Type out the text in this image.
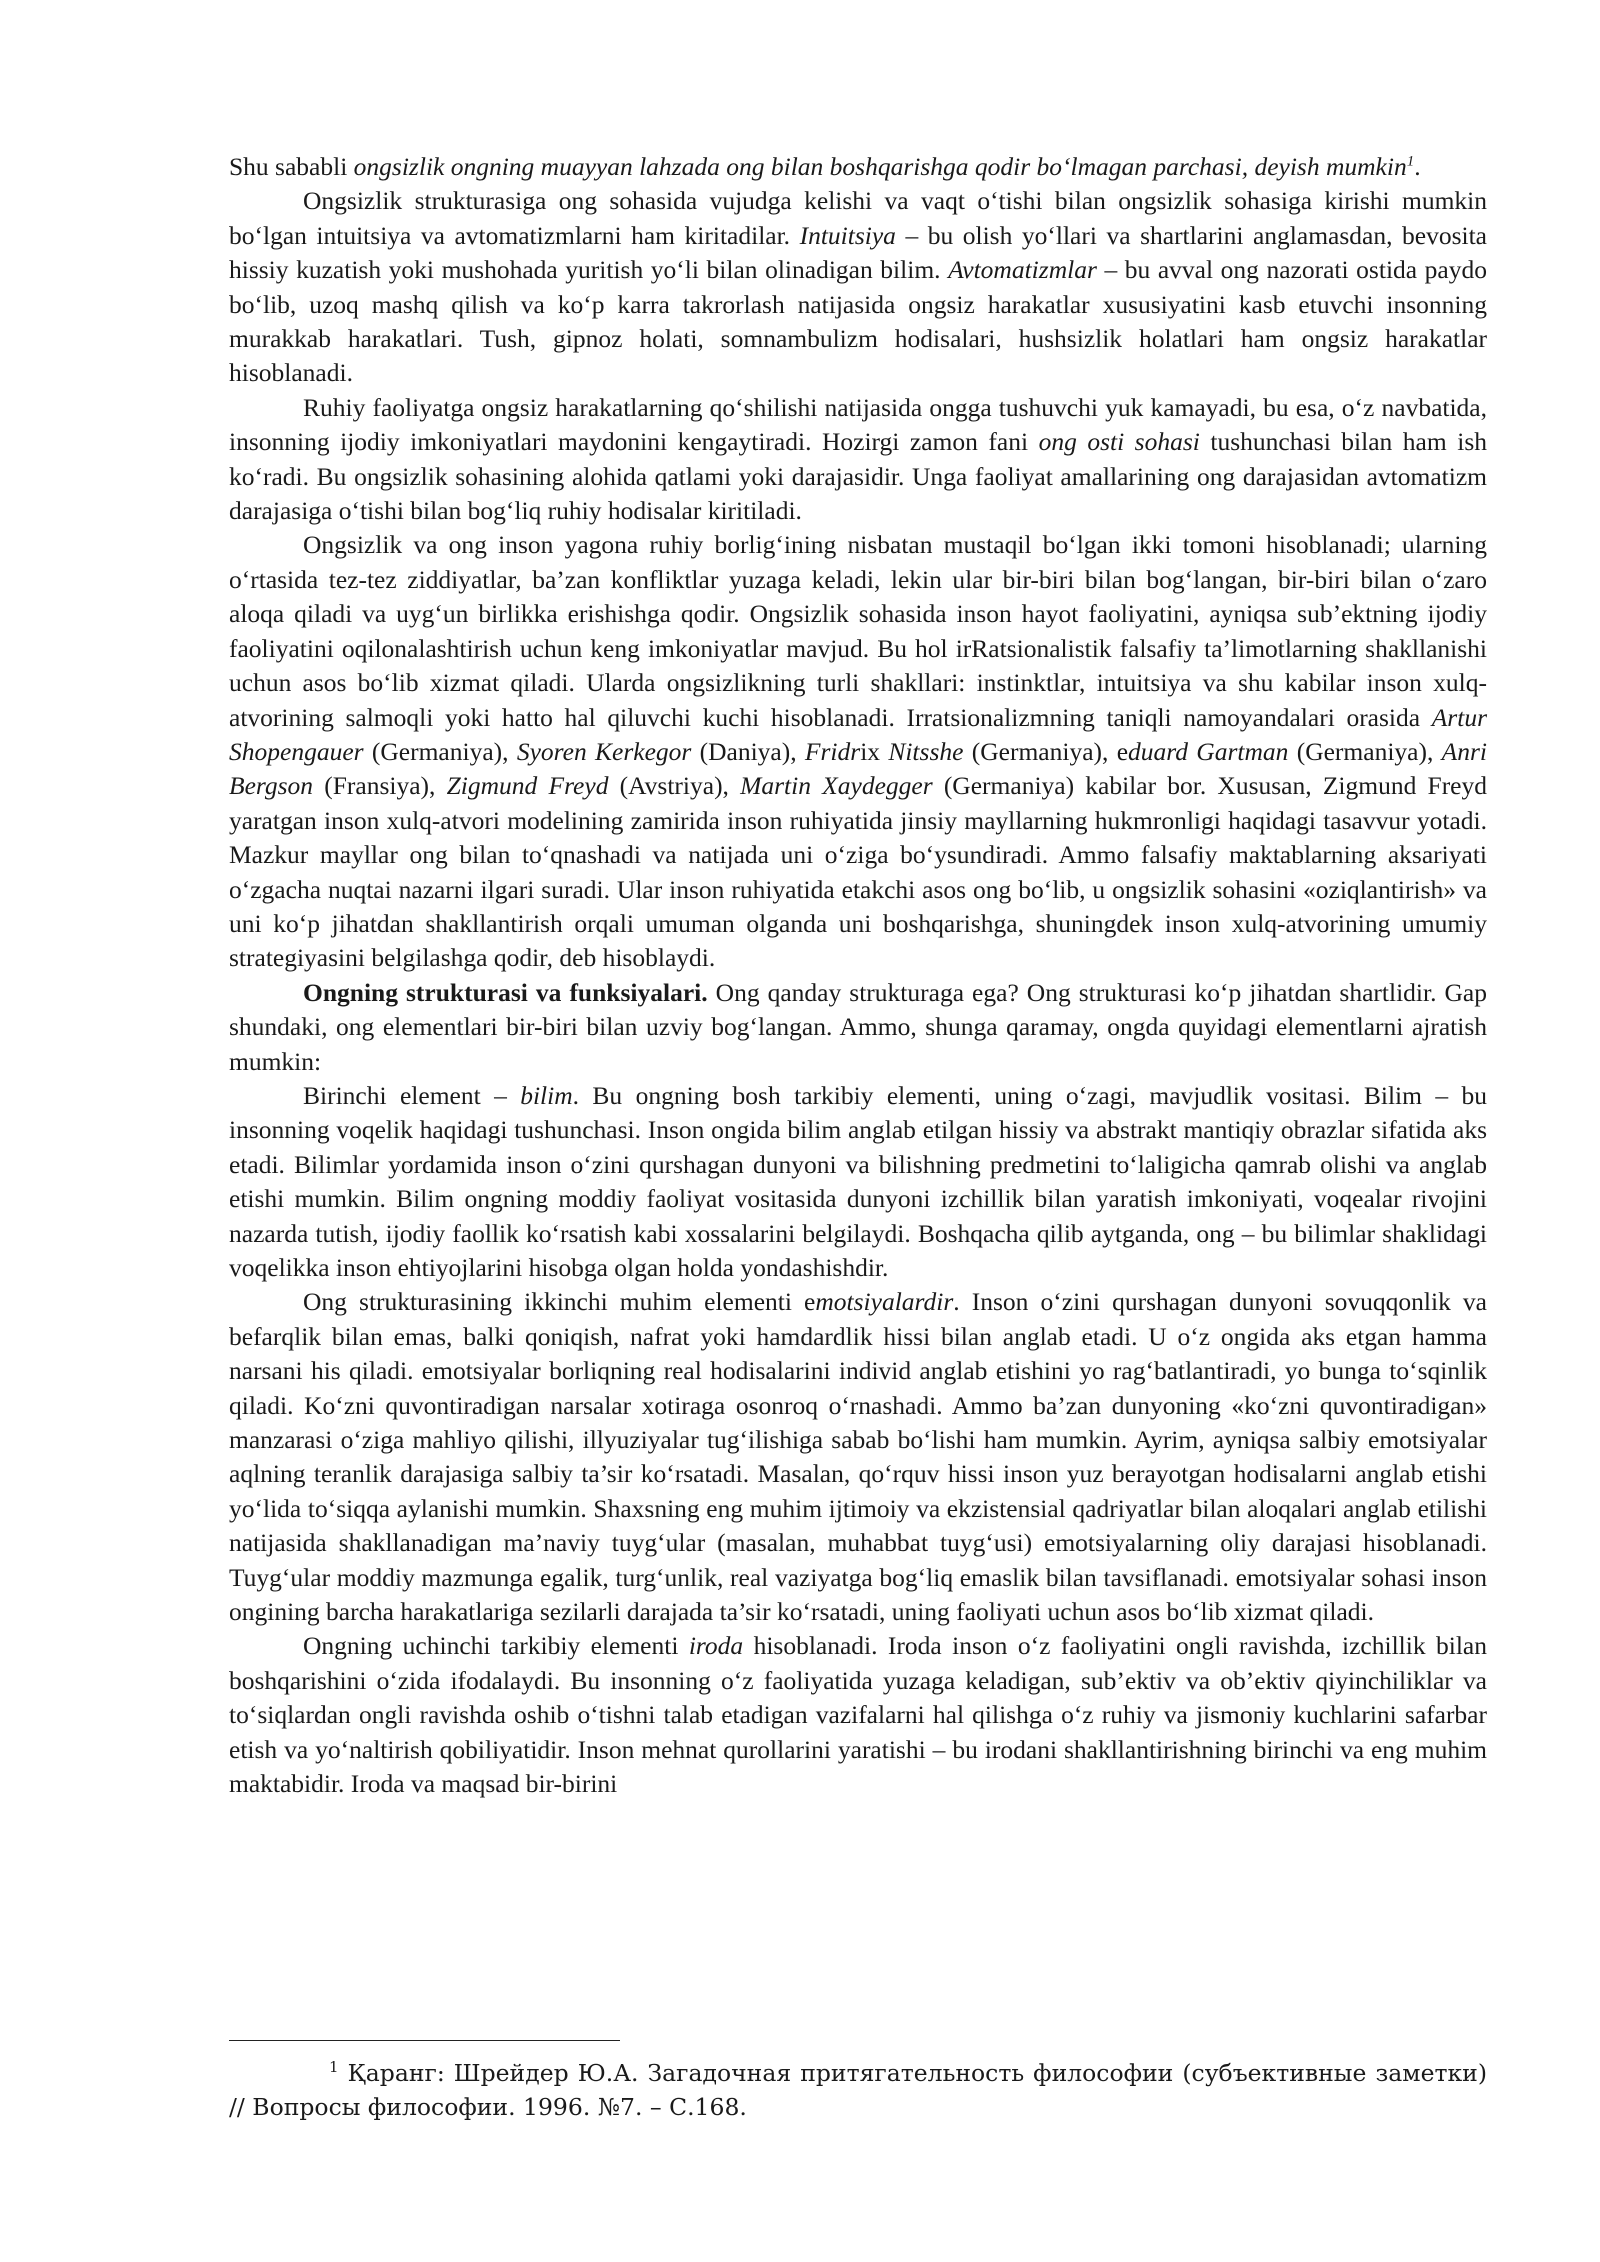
Shu sababli ongsizlik ongning muayyan lahzada ong bilan boshqarishga qodir bo‘lmagan parchasi, deyish mumkin$^1$.

Ongsizlik strukturasiga ong sohasida vujudga kelishi va vaqt o‘tishi bilan ongsizlik sohasiga kirishi mumkin bo‘lgan intuitsiya va avtomatizmlarni ham kiritadilar. Intuitsiya – bu olish yo‘llari va shartlarini anglamasdan, bevosita hissiy kuzatish yoki mushohada yuritish yo‘li bilan olinadigan bilim. Avtomatizmlar – bu avval ong nazorati ostida paydo bo‘lib, uzoq mashq qilish va ko‘p karra takrorlash natijasida ongsiz harakatlar xususiyatini kasb etuvchi insonning murakkab harakatlari. Tush, gipnoz holati, somnambulizm hodisalari, hushsizlik holatlari ham ongsiz harakatlar hisoblanadi.

Ruhiy faoliyatga ongsiz harakatlarning qo‘shilishi natijasida ongga tushuvchi yuk kamayadi, bu esa, o‘z navbatida, insonning ijodiy imkoniyatlari maydonini kengaytiradi. Hozirgi zamon fani ong osti sohasi tushunchasi bilan ham ish ko‘radi. Bu ongsizlik sohasining alohida qatlami yoki darajasidir. Unga faoliyat amallarining ong darajasidan avtomatizm darajasiga o‘tishi bilan bog‘liq ruhiy hodisalar kiritiladi.

Ongsizlik va ong inson yagona ruhiy borlig‘ining nisbatan mustaqil bo‘lgan ikki tomoni hisoblanadi; ularning o‘rtasida tez-tez ziddiyatlar, ba’zan konfliktlar yuzaga keladi, lekin ular bir-biri bilan bog‘langan, bir-biri bilan o‘zaro aloqa qiladi va uyg‘un birlikka erishishga qodir. Ongsizlik sohasida inson hayot faoliyatini, ayniqsa sub’ektning ijodiy faoliyatini oqilonalashtirish uchun keng imkoniyatlar mavjud. Bu hol irRatsionalistik falsafiy ta’limotlarning shakllanishi uchun asos bo‘lib xizmat qiladi. Ularda ongsizlikning turli shakllari: instinktlar, intuitsiya va shu kabilar inson xulq-atvorining salmoqli yoki hatto hal qiluvchi kuchi hisoblanadi. Irratsionalizmning taniqli namoyandalari orasida Artur Shopengauer (Germaniya), Syoren Kerkegor (Daniya), Fridrix Nitsshe (Germaniya), eduard Gartman (Germaniya), Anri Bergson (Fransiya), Zigmund Freyd (Avstriya), Martin Xaydegger (Germaniya) kabilar bor. Xususan, Zigmund Freyd yaratgan inson xulq-atvori modelining zamirida inson ruhiyatida jinsiy mayllarning hukmronligi haqidagi tasavvur yotadi. Mazkur mayllar ong bilan to‘qnashadi va natijada uni o‘ziga bo‘ysundiradi. Ammo falsafiy maktablarning aksariyati o‘zgacha nuqtai nazarni ilgari suradi. Ular inson ruhiyatida etakchi asos ong bo‘lib, u ongsizlik sohasini «oziqlantirish» va uni ko‘p jihatdan shakllantirish orqali umuman olganda uni boshqarishga, shuningdek inson xulq-atvorining umumiy strategiyasini belgilashga qodir, deb hisoblaydi.

Ongning strukturasi va funksiyalari. Ong qanday strukturaga ega? Ong strukturasi ko‘p jihatdan shartlidir. Gap shundaki, ong elementlari bir-biri bilan uzviy bog‘langan. Ammo, shunga qaramay, ongda quyidagi elementlarni ajratish mumkin:

Birinchi element – bilim. Bu ongning bosh tarkibiy elementi, uning o‘zagi, mavjudlik vositasi. Bilim – bu insonning voqelik haqidagi tushunchasi. Inson ongida bilim anglab etilgan hissiy va abstrakt mantiqiy obrazlar sifatida aks etadi. Bilimlar yordamida inson o‘zini qurshagan dunyoni va bilishning predmetini to‘laligicha qamrab olishi va anglab etishi mumkin. Bilim ongning moddiy faoliyat vositasida dunyoni izchillik bilan yaratish imkoniyati, voqealar rivojini nazarda tutish, ijodiy faollik ko‘rsatish kabi xossalarini belgilaydi. Boshqacha qilib aytganda, ong – bu bilimlar shaklidagi voqelikka inson ehtiyojlarini hisobga olgan holda yondashishdir.

Ong strukturasining ikkinchi muhim elementi emotsiyalardir. Inson o‘zini qurshagan dunyoni sovuqqonlik va befarqlik bilan emas, balki qoniqish, nafrat yoki hamdardlik hissi bilan anglab etadi. U o‘z ongida aks etgan hamma narsani his qiladi. emotsiyalar borliqning real hodisalarini individ anglab etishini yo rag‘batlantiradi, yo bunga to‘sqinlik qiladi. Ko‘zni quvontiradigan narsalar xotiraga osonroq o‘rnashadi. Ammo ba’zan dunyoning «ko‘zni quvontiradigan» manzarasi o‘ziga mahliyo qilishi, illyuziyalar tug‘ilishiga sabab bo‘lishi ham mumkin. Ayrim, ayniqsa salbiy emotsiyalar aqlning teranlik darajasiga salbiy ta’sir ko‘rsatadi. Masalan, qo‘rquv hissi inson yuz berayotgan hodisalarni anglab etishi yo‘lida to‘siqqa aylanishi mumkin. Shaxsning eng muhim ijtimoiy va ekzistensial qadriyatlar bilan aloqalari anglab etilishi natijasida shakllanadigan ma’naviy tuyg‘ular (masalan, muhabbat tuyg‘usi) emotsiyalarning oliy darajasi hisoblanadi. Tuyg‘ular moddiy mazmunga egalik, turg‘unlik, real vaziyatga bog‘liq emaslik bilan tavsiflanadi. emotsiyalar sohasi inson ongining barcha harakatlariga sezilarli darajada ta’sir ko‘rsatadi, uning faoliyati uchun asos bo‘lib xizmat qiladi.

Ongning uchinchi tarkibiy elementi iroda hisoblanadi. Iroda inson o‘z faoliyatini ongli ravishda, izchillik bilan boshqarishini o‘zida ifodalaydi. Bu insonning o‘z faoliyatida yuzaga keladigan, sub’ektiv va ob’ektiv qiyinchiliklar va to‘siqlardan ongli ravishda oshib o‘tishni talab etadigan vazifalarni hal qilishga o‘z ruhiy va jismoniy kuchlarini safarbar etish va yo‘naltirish qobiliyatidir. Inson mehnat qurollarini yaratishi – bu irodani shakllantirishning birinchi va eng muhim maktabidir. Iroda va maqsad bir-birini

$^1$ Қаранг: Шрейдер Ю.А. Загадочная притягательность философии (субъективные заметки) // Вопросы философии. 1996. №7. – С.168.
